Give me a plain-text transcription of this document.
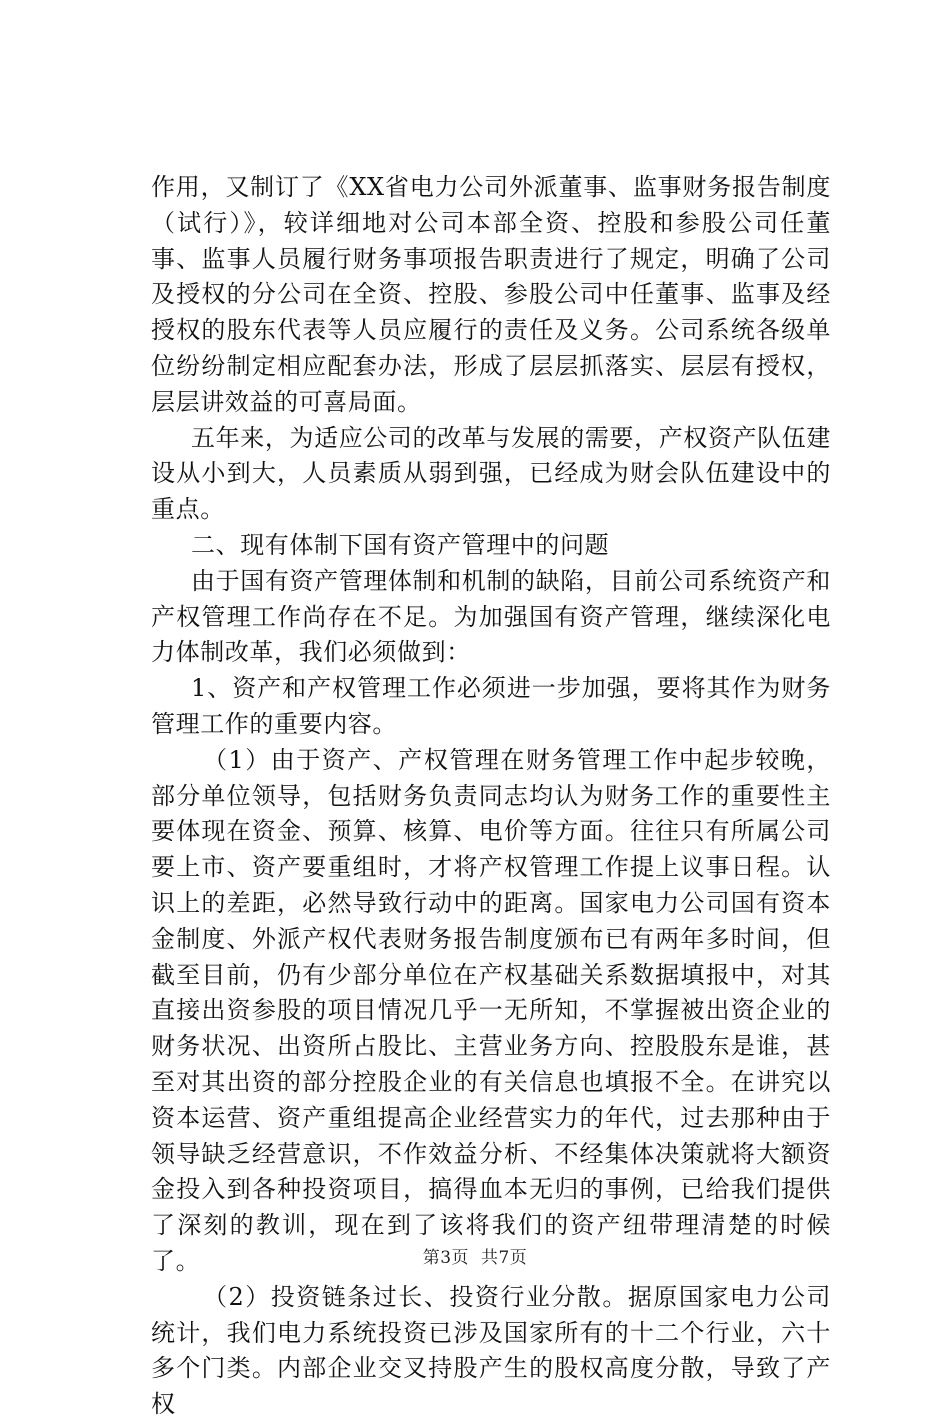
作用，又制订了《XX省电力公司外派董事、监事财务报告制度（试行）》，较详细地对公司本部全资、控股和参股公司任董事、监事人员履行财务事项报告职责进行了规定，明确了公司及授权的分公司在全资、控股、参股公司中任董事、监事及经授权的股东代表等人员应履行的责任及义务。公司系统各级单位纷纷制定相应配套办法，形成了层层抓落实、层层有授权，层层讲效益的可喜局面。

五年来，为适应公司的改革与发展的需要，产权资产队伍建设从小到大，人员素质从弱到强，已经成为财会队伍建设中的重点。

二、现有体制下国有资产管理中的问题

由于国有资产管理体制和机制的缺陷，目前公司系统资产和产权管理工作尚存在不足。为加强国有资产管理，继续深化电力体制改革，我们必须做到：

1、资产和产权管理工作必须进一步加强，要将其作为财务管理工作的重要内容。

（1）由于资产、产权管理在财务管理工作中起步较晚，部分单位领导，包括财务负责同志均认为财务工作的重要性主要体现在资金、预算、核算、电价等方面。往往只有所属公司要上市、资产要重组时，才将产权管理工作提上议事日程。认识上的差距，必然导致行动中的距离。国家电力公司国有资本金制度、外派产权代表财务报告制度颁布已有两年多时间，但截至目前，仍有少部分单位在产权基础关系数据填报中，对其直接出资参股的项目情况几乎一无所知，不掌握被出资企业的财务状况、出资所占股比、主营业务方向、控股股东是谁，甚至对其出资的部分控股企业的有关信息也填报不全。在讲究以资本运营、资产重组提高企业经营实力的年代，过去那种由于领导缺乏经营意识，不作效益分析、不经集体决策就将大额资金投入到各种投资项目，搞得血本无归的事例，已给我们提供了深刻的教训，现在到了该将我们的资产纽带理清楚的时候了。

（2）投资链条过长、投资行业分散。据原国家电力公司统计，我们电力系统投资已涉及国家所有的十二个行业，六十多个门类。内部企业交叉持股产生的股权高度分散，导致了产权

第3页 共7页
